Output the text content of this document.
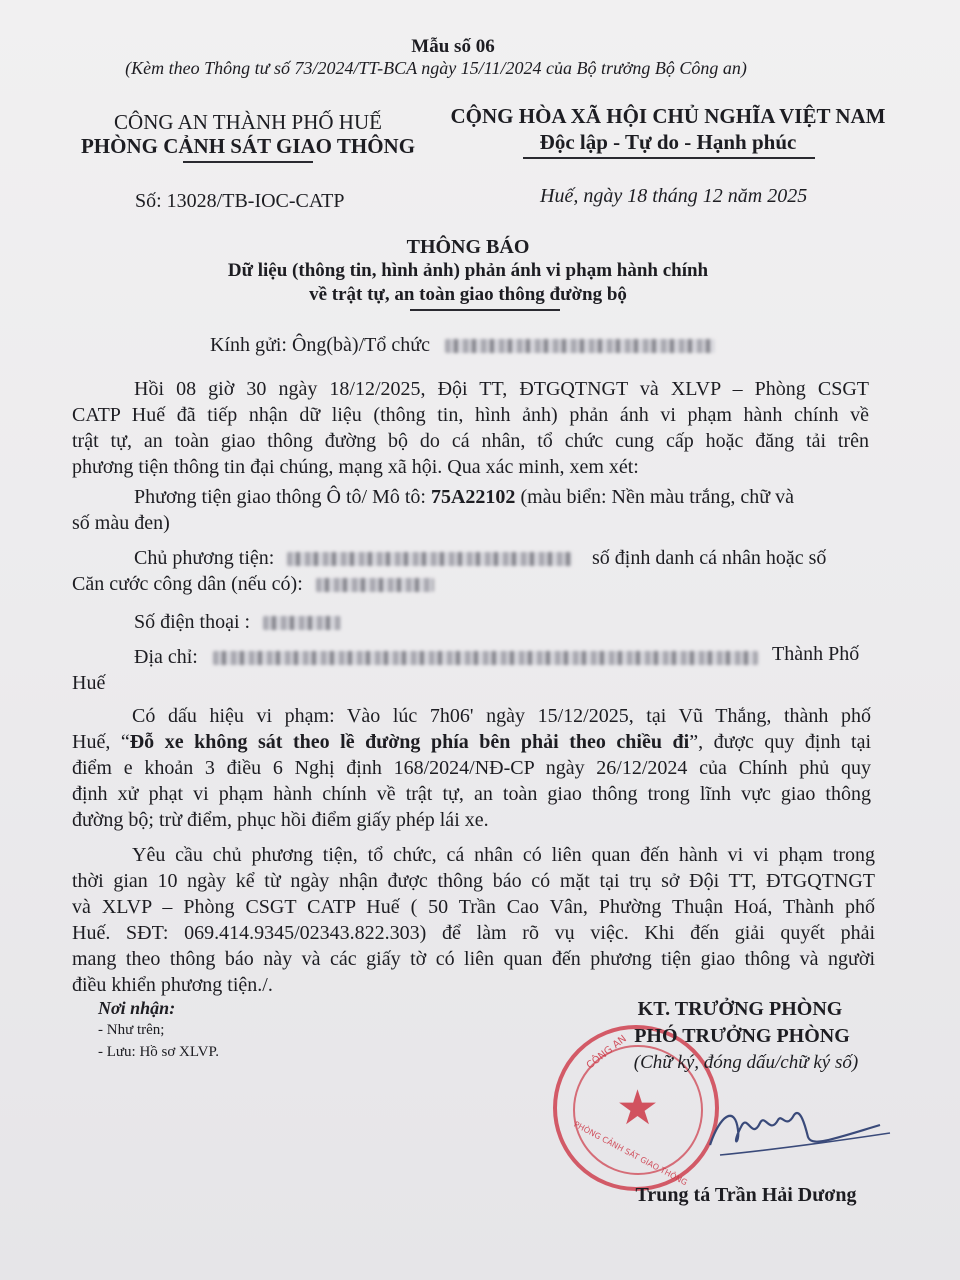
Mẫu số 06
(Kèm theo Thông tư số 73/2024/TT-BCA ngày 15/11/2024 của Bộ trưởng Bộ Công an)
CÔNG AN THÀNH PHỐ HUẾ
PHÒNG CẢNH SÁT GIAO THÔNG
CỘNG HÒA XÃ HỘI CHỦ NGHĨA VIỆT NAM
Độc lập - Tự do - Hạnh phúc
Số: 13028/TB-IOC-CATP	Huế, ngày 18 tháng 12 năm 2025
THÔNG BÁO
Dữ liệu (thông tin, hình ảnh) phản ánh vi phạm hành chính
về trật tự, an toàn giao thông đường bộ
Kính gửi: Ông(bà)/Tổ chức
Hồi 08 giờ 30 ngày 18/12/2025, Đội TT, ĐTGQTNGT và XLVP – Phòng CSGT
CATP Huế đã tiếp nhận dữ liệu (thông tin, hình ảnh) phản ánh vi phạm hành chính về
trật tự, an toàn giao thông đường bộ do cá nhân, tổ chức cung cấp hoặc đăng tải trên
phương tiện thông tin đại chúng, mạng xã hội. Qua xác minh, xem xét:
Phương tiện giao thông Ô tô/ Mô tô: 75A22102 (màu biển: Nền màu trắng, chữ và
số màu đen)
Chủ phương tiện:	số định danh cá nhân hoặc số
Căn cước công dân (nếu có):
Số điện thoại :
Địa chỉ:	Thành Phố
Huế
Có dấu hiệu vi phạm: Vào lúc 7h06' ngày 15/12/2025, tại Vũ Thắng, thành phố
Huế, “Đỗ xe không sát theo lề đường phía bên phải theo chiều đi”, được quy định tại
điểm e khoản 3 điều 6 Nghị định 168/2024/NĐ-CP ngày 26/12/2024 của Chính phủ quy
định xử phạt vi phạm hành chính về trật tự, an toàn giao thông trong lĩnh vực giao thông
đường bộ; trừ điểm, phục hồi điểm giấy phép lái xe.
Yêu cầu chủ phương tiện, tổ chức, cá nhân có liên quan đến hành vi vi phạm trong
thời gian 10 ngày kể từ ngày nhận được thông báo có mặt tại trụ sở Đội TT, ĐTGQTNGT
và XLVP – Phòng CSGT CATP Huế ( 50 Trần Cao Vân, Phường Thuận Hoá, Thành phố
Huế. SĐT: 069.414.9345/02343.822.303) để làm rõ vụ việc. Khi đến giải quyết phải
mang theo thông báo này và các giấy tờ có liên quan đến phương tiện giao thông và người
điều khiển phương tiện./.
Nơi nhận:
- Như trên;
- Lưu: Hồ sơ XLVP.
★
CÔNG AN
PHÒNG CẢNH SÁT GIAO THÔNG
KT. TRƯỞNG PHÒNG
PHÓ TRƯỞNG PHÒNG
(Chữ ký, đóng dấu/chữ ký số)
Trung tá Trần Hải Dương
